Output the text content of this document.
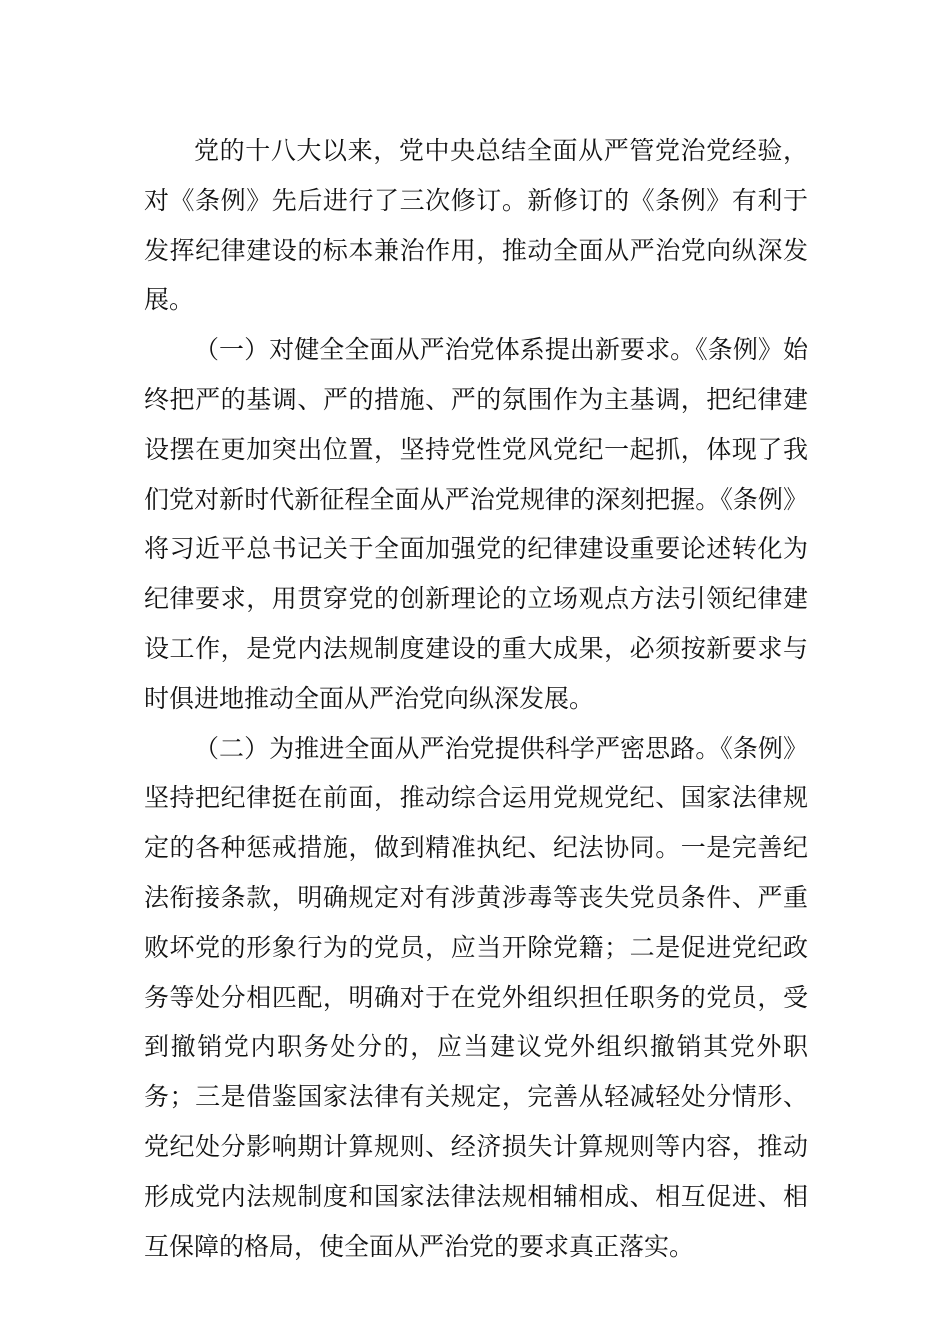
党的十八大以来，党中央总结全面从严管党治党经验，对《条例》先后进行了三次修订。新修订的《条例》有利于发挥纪律建设的标本兼治作用，推动全面从严治党向纵深发展。

（一）对健全全面从严治党体系提出新要求。《条例》始终把严的基调、严的措施、严的氛围作为主基调，把纪律建设摆在更加突出位置，坚持党性党风党纪一起抓，体现了我们党对新时代新征程全面从严治党规律的深刻把握。《条例》将习近平总书记关于全面加强党的纪律建设重要论述转化为纪律要求，用贯穿党的创新理论的立场观点方法引领纪律建设工作，是党内法规制度建设的重大成果，必须按新要求与时俱进地推动全面从严治党向纵深发展。

（二）为推进全面从严治党提供科学严密思路。《条例》坚持把纪律挺在前面，推动综合运用党规党纪、国家法律规定的各种惩戒措施，做到精准执纪、纪法协同。一是完善纪法衔接条款，明确规定对有涉黄涉毒等丧失党员条件、严重败坏党的形象行为的党员，应当开除党籍；二是促进党纪政务等处分相匹配，明确对于在党外组织担任职务的党员，受到撤销党内职务处分的，应当建议党外组织撤销其党外职务；三是借鉴国家法律有关规定，完善从轻减轻处分情形、党纪处分影响期计算规则、经济损失计算规则等内容，推动形成党内法规制度和国家法律法规相辅相成、相互促进、相互保障的格局，使全面从严治党的要求真正落实。
